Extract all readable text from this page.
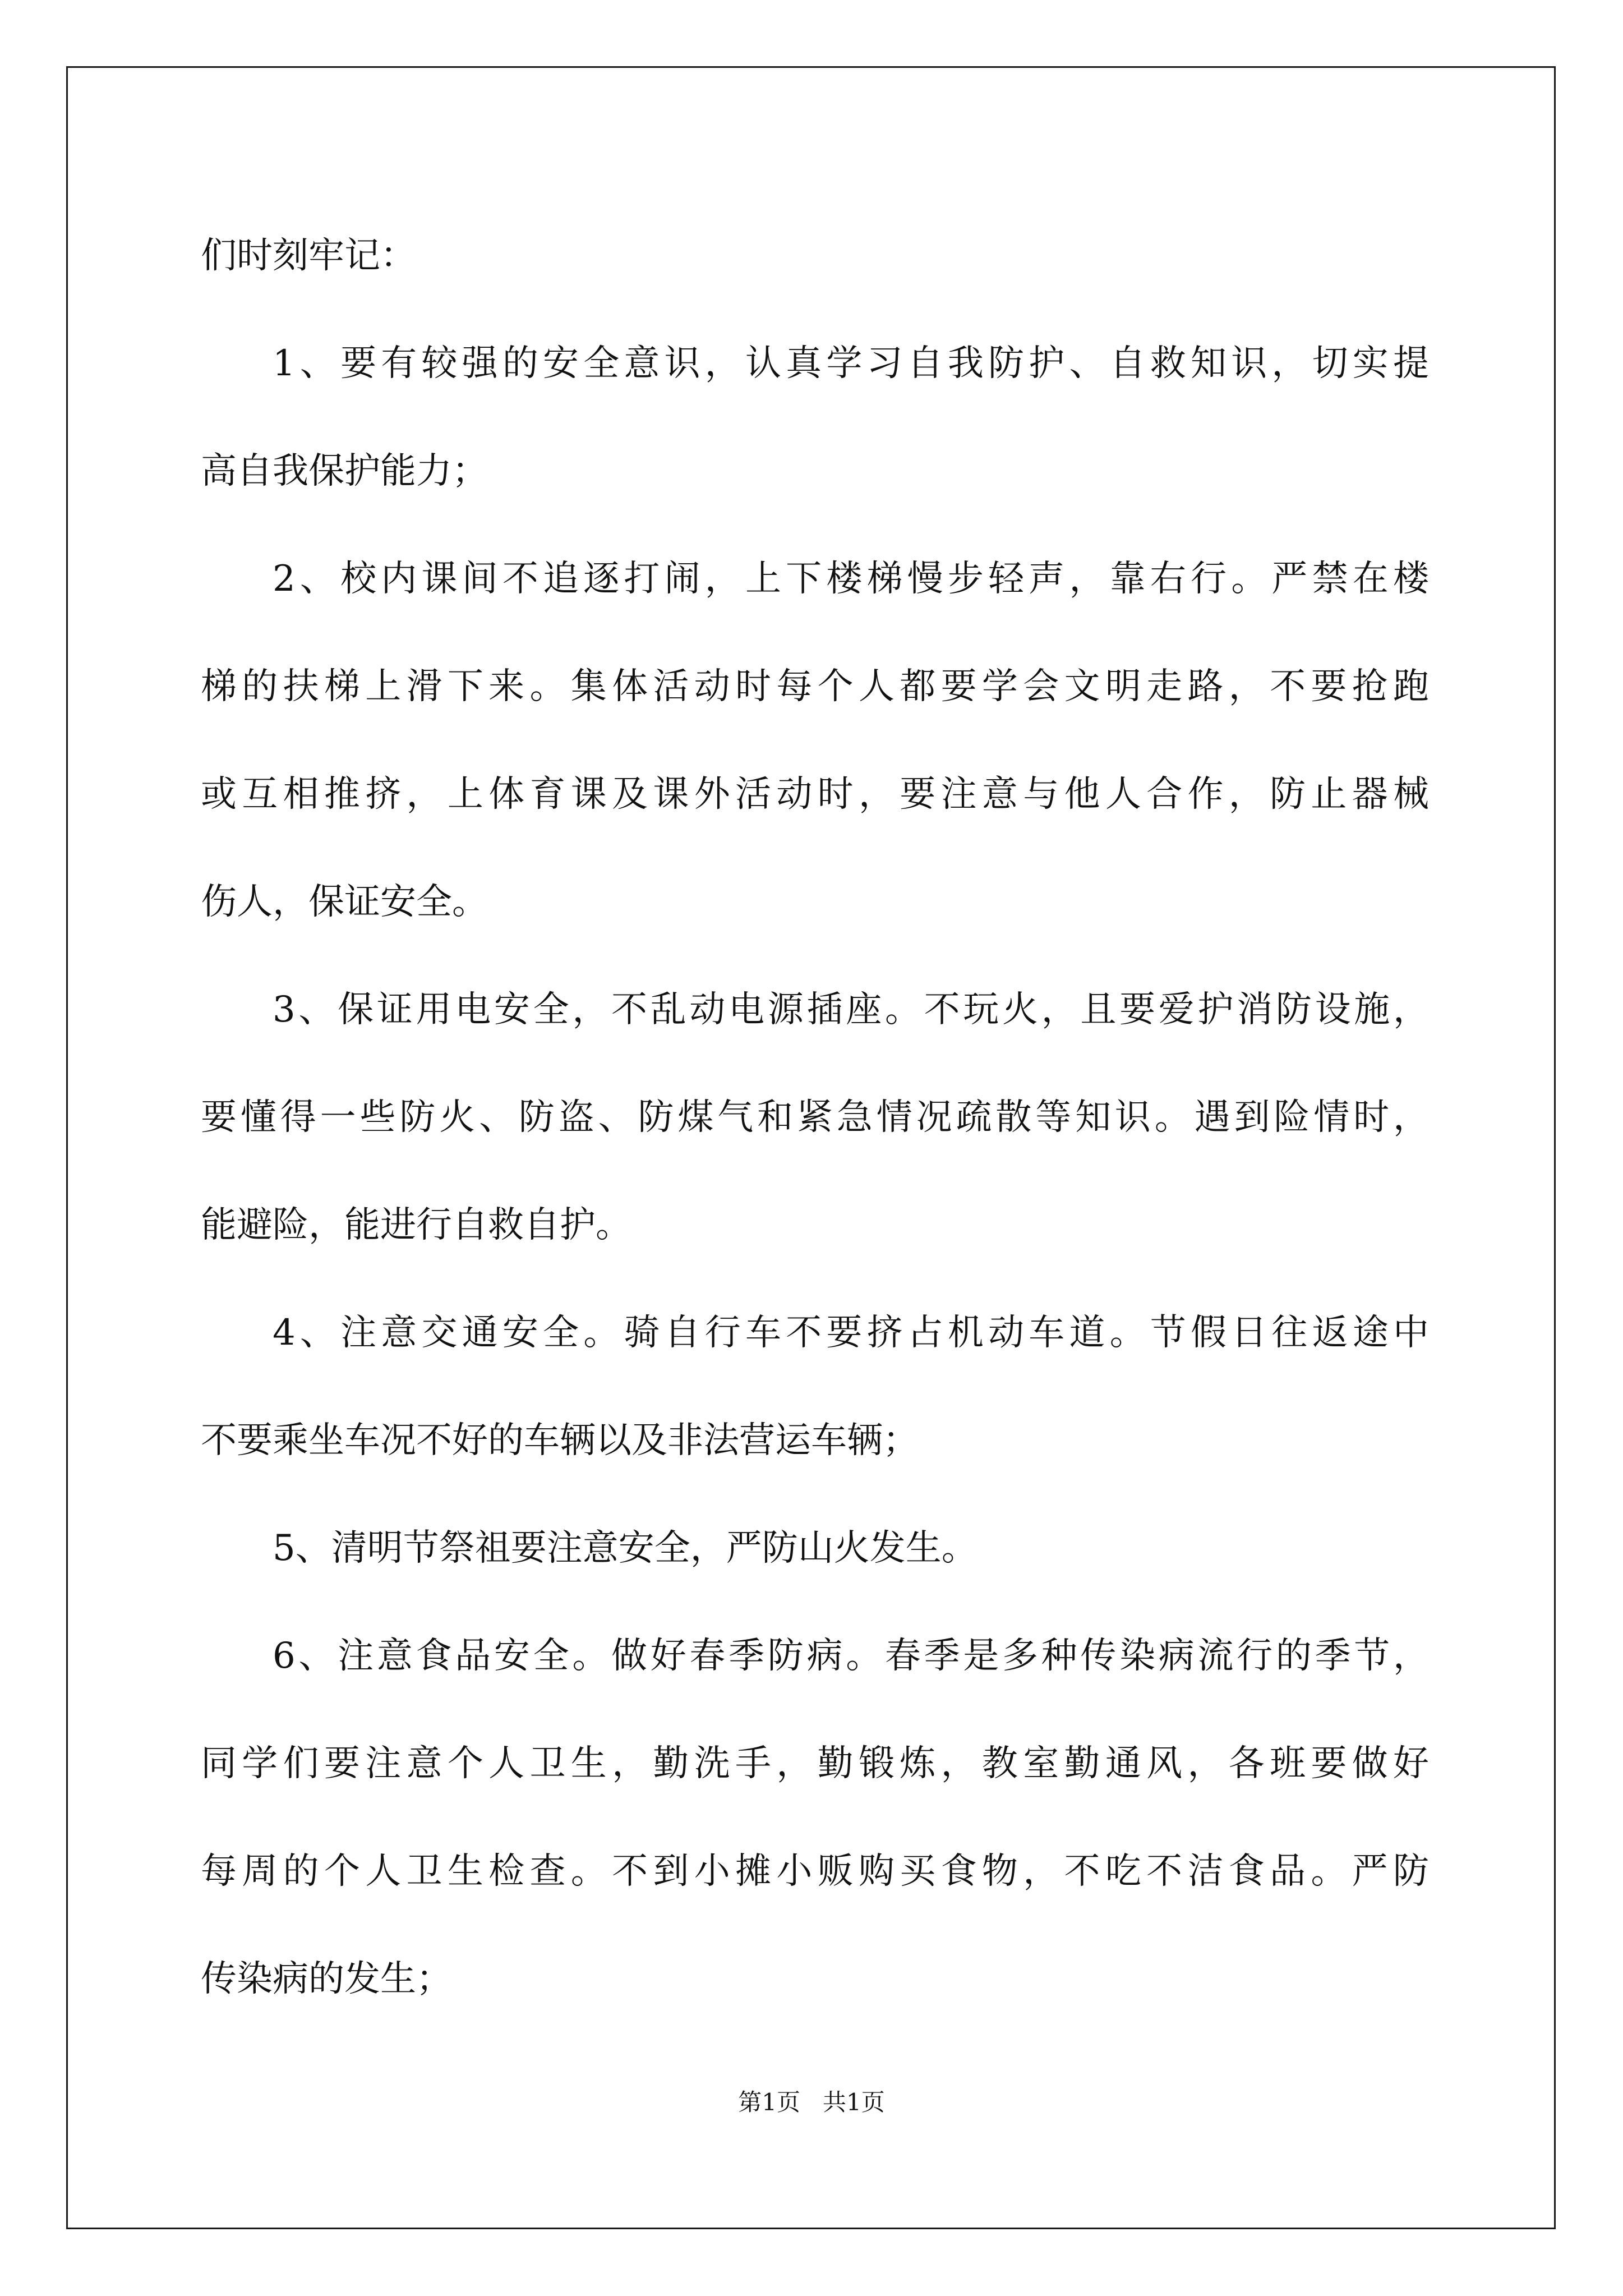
们时刻牢记：
1、要有较强的安全意识，认真学习自我防护、自救知识，切实提
高自我保护能力；
2、校内课间不追逐打闹，上下楼梯慢步轻声，靠右行。严禁在楼
梯的扶梯上滑下来。集体活动时每个人都要学会文明走路，不要抢跑
或互相推挤，上体育课及课外活动时，要注意与他人合作，防止器械
伤人，保证安全。
3、保证用电安全，不乱动电源插座。不玩火，且要爱护消防设施，
要懂得一些防火、防盗、防煤气和紧急情况疏散等知识。遇到险情时，
能避险，能进行自救自护。
4、注意交通安全。骑自行车不要挤占机动车道。节假日往返途中
不要乘坐车况不好的车辆以及非法营运车辆；
5、清明节祭祖要注意安全，严防山火发生。
6、注意食品安全。做好春季防病。春季是多种传染病流行的季节，
同学们要注意个人卫生，勤洗手，勤锻炼，教室勤通风，各班要做好
每周的个人卫生检查。不到小摊小贩购买食物，不吃不洁食品。严防
传染病的发生；
第1页   共1页
